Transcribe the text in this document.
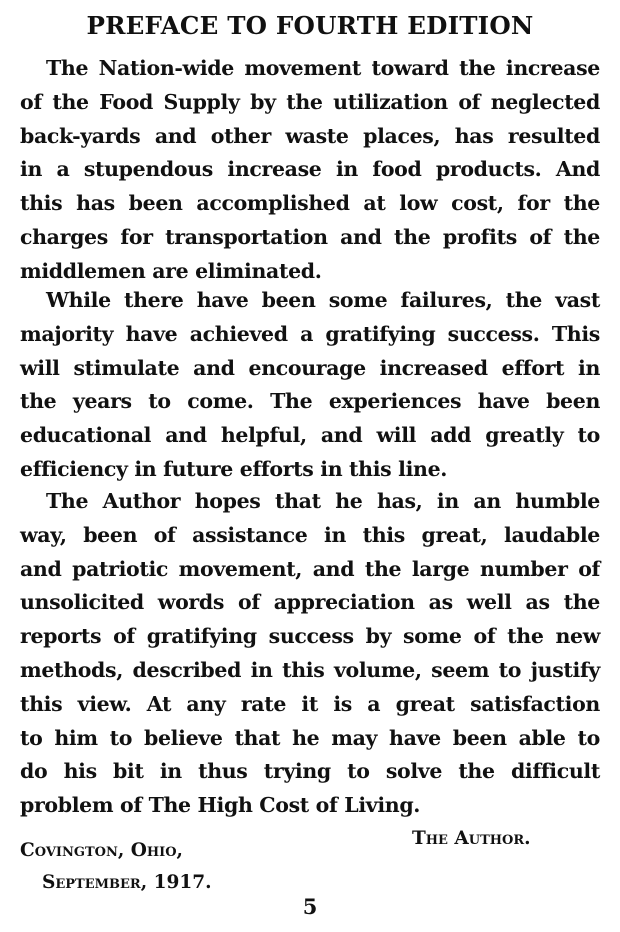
PREFACE TO FOURTH EDITION
The Nation-wide movement toward the increase
of the Food Supply by the utilization of neglected
back-yards and other waste places, has resulted
in a stupendous increase in food products. And
this has been accomplished at low cost, for the
charges for transportation and the profits of the
middlemen are eliminated.
While there have been some failures, the vast
majority have achieved a gratifying success. This
will stimulate and encourage increased effort in
the years to come. The experiences have been
educational and helpful, and will add greatly to
efficiency in future efforts in this line.
The Author hopes that he has, in an humble
way, been of assistance in this great, laudable
and patriotic movement, and the large number of
unsolicited words of appreciation as well as the
reports of gratifying success by some of the new
methods, described in this volume, seem to justify
this view. At any rate it is a great satisfaction
to him to believe that he may have been able to
do his bit in thus trying to solve the difficult
problem of The High Cost of Living.
The Author.
Covington, Ohio,
September, 1917.
5
